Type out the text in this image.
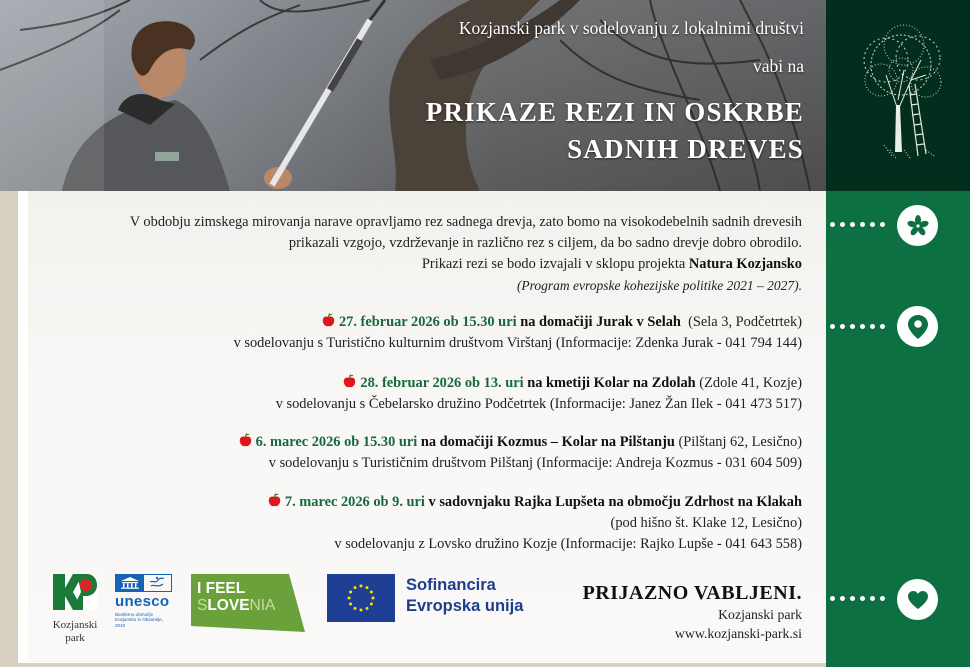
Kozjanski park v sodelovanju z lokalnimi društvi
vabi na
PRIKAZE REZI IN OSKRBE
SADNIH DREVES
V obdobju zimskega mirovanja narave opravljamo rez sadnega drevja, zato bomo na visokodebelnih sadnih drevesih
prikazali vzgojo, vzdrževanje in različno rez s ciljem, da bo sadno drevje dobro obrodilo.
Prikazi rezi se bodo izvajali v sklopu projekta Natura Kozjansko
(Program evropske kohezijske politike 2021 – 2027).
27. februar 2026 ob 15.30 uri na domačiji Jurak v Selah (Sela 3, Podčetrtek)
v sodelovanju s Turistično kulturnim društvom Virštanj (Informacije: Zdenka Jurak - 041 794 144)
28. februar 2026 ob 13. uri na kmetiji Kolar na Zdolah (Zdole 41, Kozje)
v sodelovanju s Čebelarsko družino Podčetrtek (Informacije: Janez Žan Ilek - 041 473 517)
6. marec 2026 ob 15.30 uri na domačiji Kozmus – Kolar na Pilštanju (Pilštanj 62, Lesično)
v sodelovanju s Turističnim društvom Pilštanj (Informacije: Andreja Kozmus - 031 604 509)
7. marec 2026 ob 9. uri v sadovnjaku Rajka Lupšeta na območju Zdrhost na Klakah
(pod hišno št. Klake 12, Lesično)
v sodelovanju z Lovsko družino Kozje (Informacije: Rajko Lupše - 041 643 558)
Kozjanski
park
unesco
Biosferno območje
Kozjansko in Obsotelje,
2010
I FEEL
SLOVENIA
Sofinancira
Evropska unija
PRIJAZNO VABLJENI.
Kozjanski park
www.kozjanski-park.si
